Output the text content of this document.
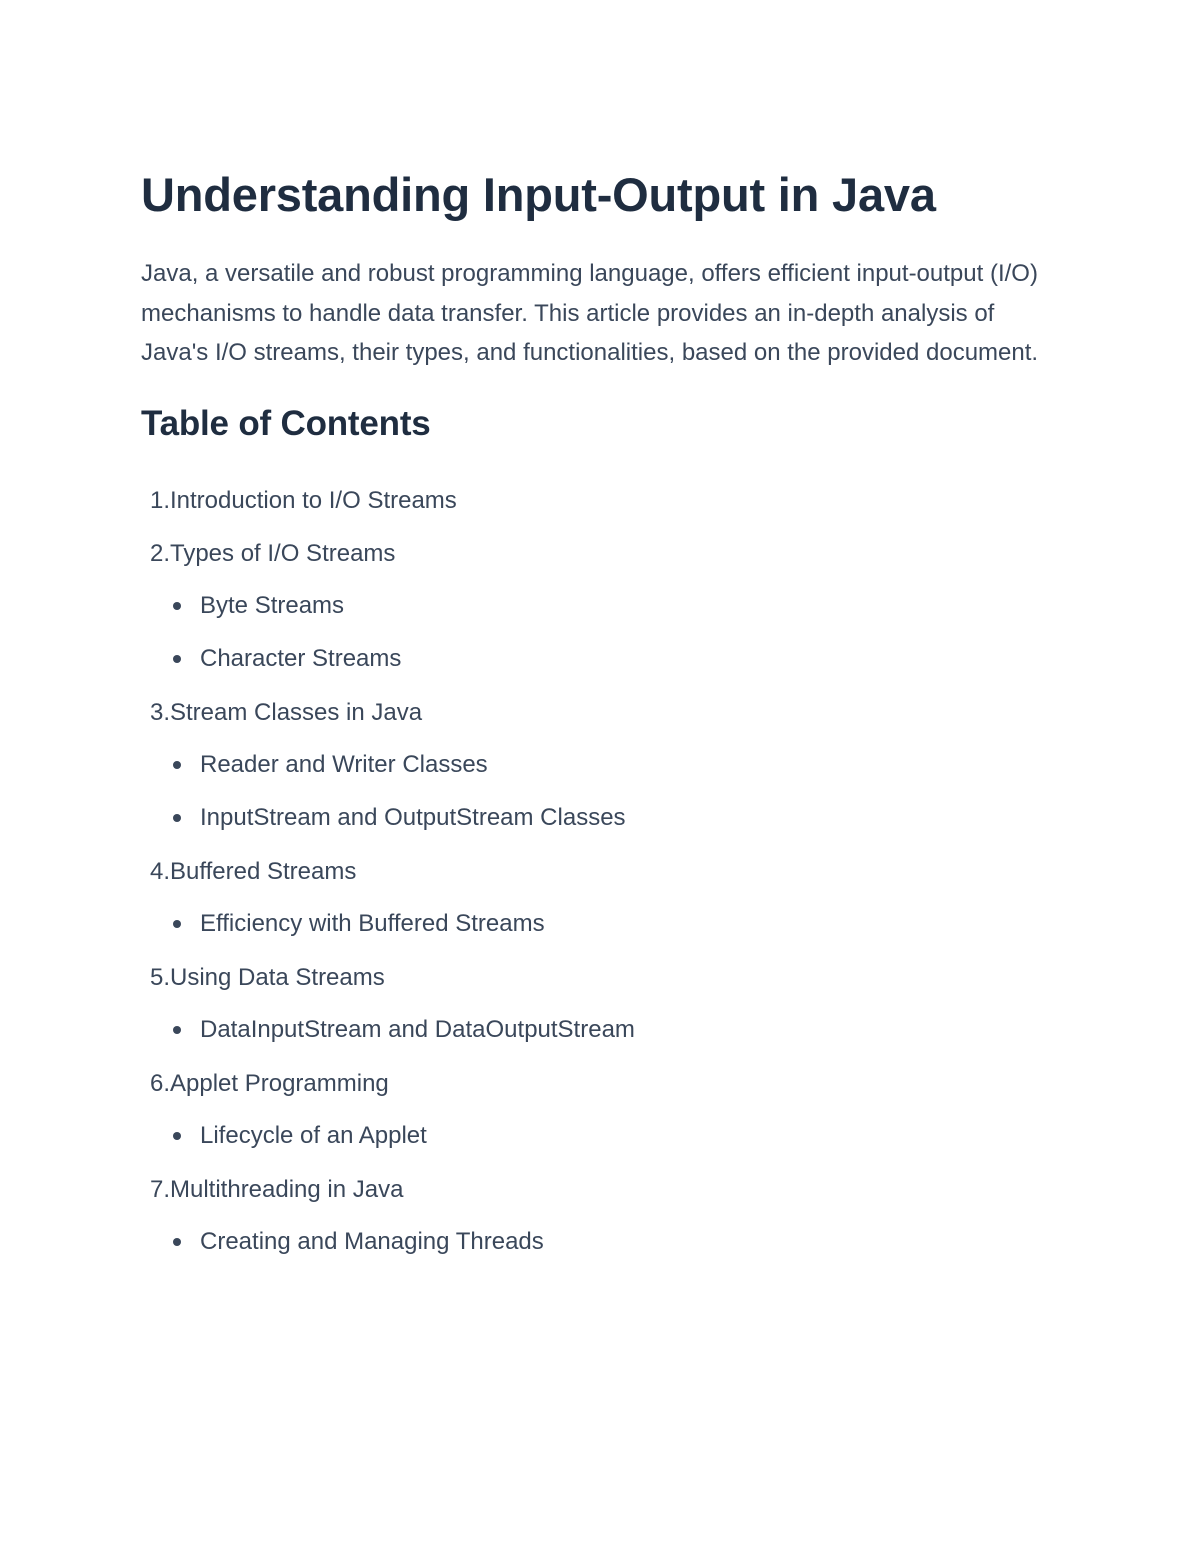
Understanding Input-Output in Java

Java, a versatile and robust programming language, offers efficient input-output (I/O) mechanisms to handle data transfer. This article provides an in-depth analysis of Java's I/O streams, their types, and functionalities, based on the provided document.

Table of Contents
1. Introduction to I/O Streams
2. Types of I/O Streams
Byte Streams
Character Streams
3. Stream Classes in Java
Reader and Writer Classes
InputStream and OutputStream Classes
4. Buffered Streams
Efficiency with Buffered Streams
5. Using Data Streams
DataInputStream and DataOutputStream
6. Applet Programming
Lifecycle of an Applet
7. Multithreading in Java
Creating and Managing Threads
